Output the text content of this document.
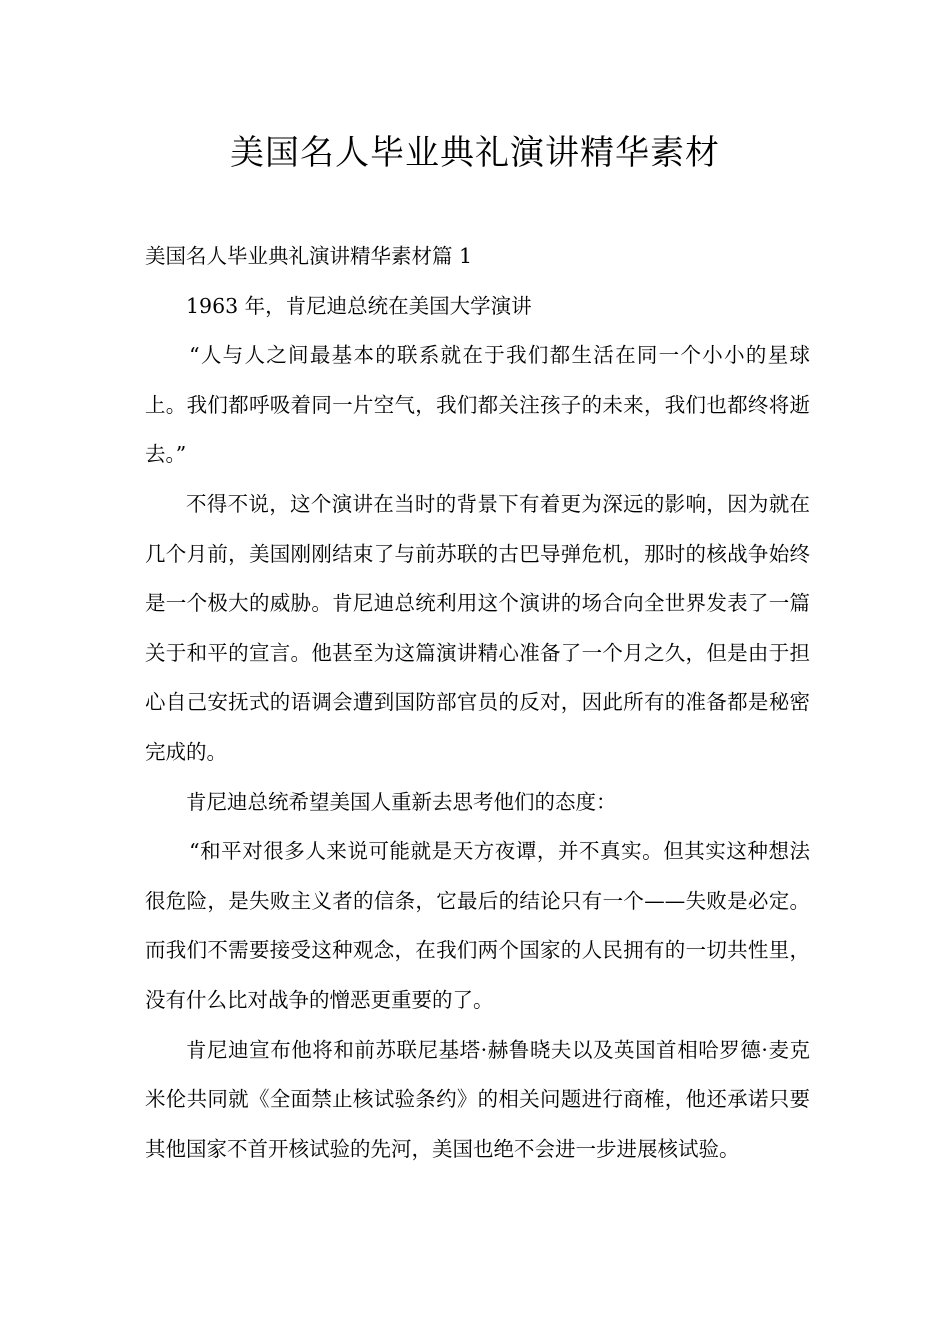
美国名人毕业典礼演讲精华素材

美国名人毕业典礼演讲精华素材篇 1

1963 年，肯尼迪总统在美国大学演讲

“人与人之间最基本的联系就在于我们都生活在同一个小小的星球上。我们都呼吸着同一片空气，我们都关注孩子的未来，我们也都终将逝去。”

不得不说，这个演讲在当时的背景下有着更为深远的影响，因为就在几个月前，美国刚刚结束了与前苏联的古巴导弹危机，那时的核战争始终是一个极大的威胁。肯尼迪总统利用这个演讲的场合向全世界发表了一篇关于和平的宣言。他甚至为这篇演讲精心准备了一个月之久，但是由于担心自己安抚式的语调会遭到国防部官员的反对，因此所有的准备都是秘密完成的。

肯尼迪总统希望美国人重新去思考他们的态度：

“和平对很多人来说可能就是天方夜谭，并不真实。但其实这种想法很危险，是失败主义者的信条，它最后的结论只有一个——失败是必定。而我们不需要接受这种观念，在我们两个国家的人民拥有的一切共性里，没有什么比对战争的憎恶更重要的了。

肯尼迪宣布他将和前苏联尼基塔·赫鲁晓夫以及英国首相哈罗德·麦克米伦共同就《全面禁止核试验条约》的相关问题进行商榷，他还承诺只要其他国家不首开核试验的先河，美国也绝不会进一步进展核试验。
